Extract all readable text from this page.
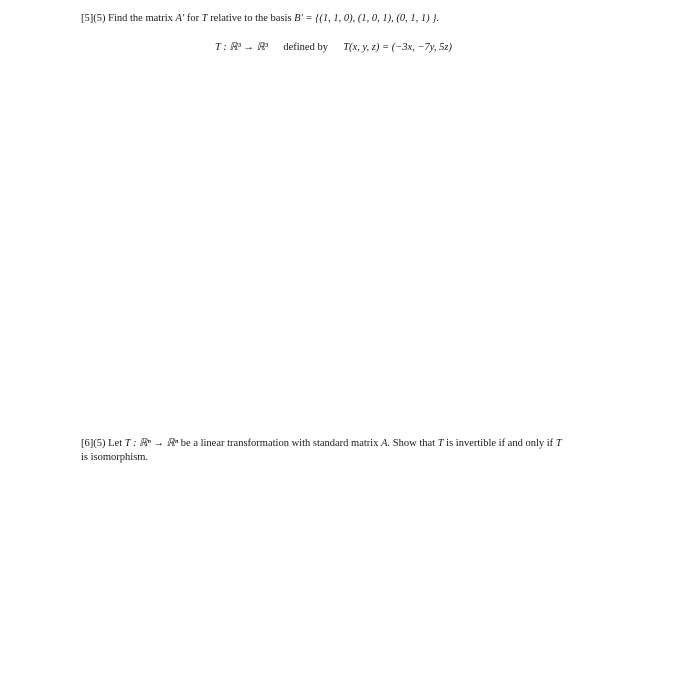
[5](5) Find the matrix A′ for T relative to the basis B′ = {(1, 1, 0), (1, 0, 1), (0, 1, 1) }.
T : ℝ³ → ℝ³ defined by T(x, y, z) = (−3x, −7y, 5z)
[6](5) Let T : ℝⁿ → ℝⁿ be a linear transformation with standard matrix A. Show that T is invertible if and only if T
is isomorphism.
